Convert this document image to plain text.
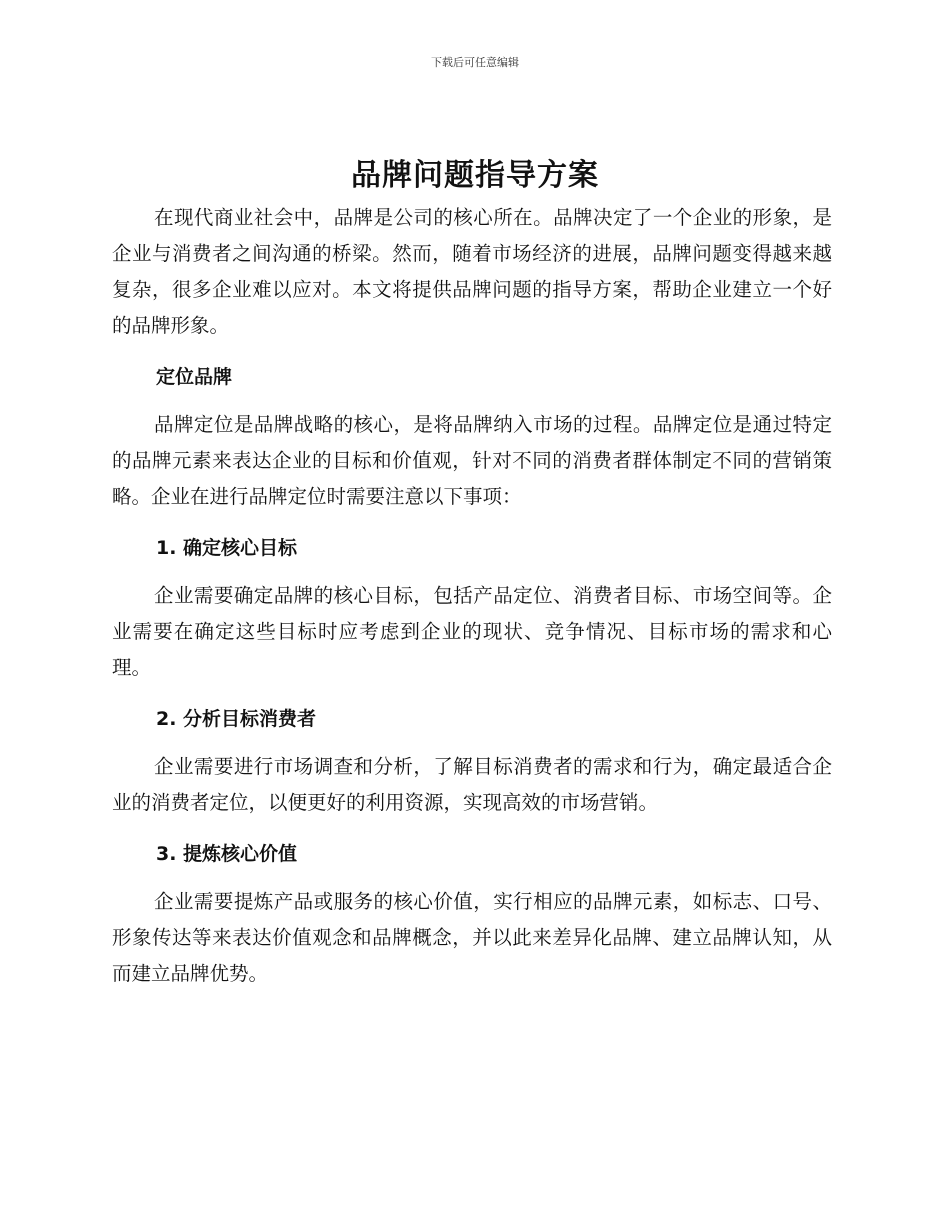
下载后可任意编辑
品牌问题指导方案

在现代商业社会中，品牌是公司的核心所在。品牌决定了一个企业的形象，是企业与消费者之间沟通的桥梁。然而，随着市场经济的进展，品牌问题变得越来越复杂，很多企业难以应对。本文将提供品牌问题的指导方案，帮助企业建立一个好的品牌形象。

定位品牌

品牌定位是品牌战略的核心，是将品牌纳入市场的过程。品牌定位是通过特定的品牌元素来表达企业的目标和价值观，针对不同的消费者群体制定不同的营销策略。企业在进行品牌定位时需要注意以下事项：

1. 确定核心目标

企业需要确定品牌的核心目标，包括产品定位、消费者目标、市场空间等。企业需要在确定这些目标时应考虑到企业的现状、竞争情况、目标市场的需求和心理。

2. 分析目标消费者

企业需要进行市场调查和分析，了解目标消费者的需求和行为，确定最适合企业的消费者定位，以便更好的利用资源，实现高效的市场营销。

3. 提炼核心价值

企业需要提炼产品或服务的核心价值，实行相应的品牌元素，如标志、口号、形象传达等来表达价值观念和品牌概念，并以此来差异化品牌、建立品牌认知，从而建立品牌优势。
